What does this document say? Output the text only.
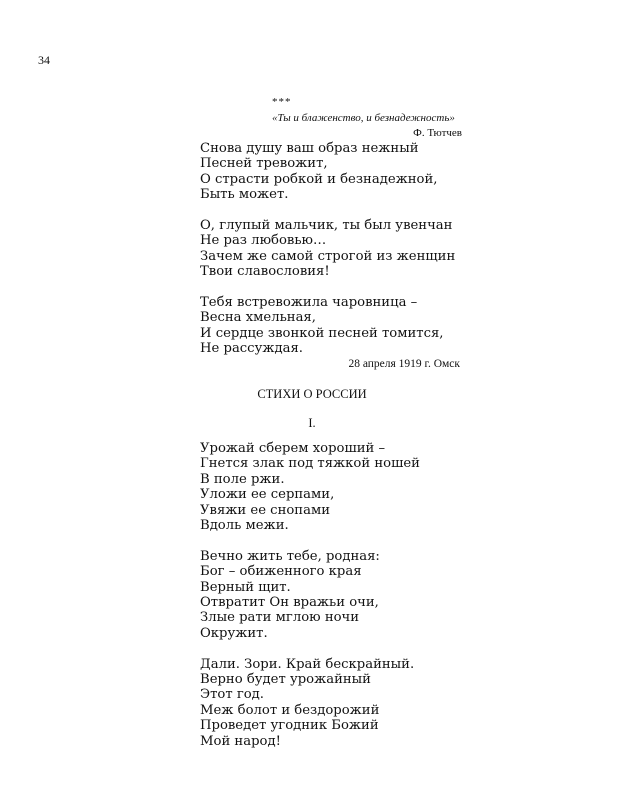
34
***
«Ты и блаженство, и безнадежность»
Ф. Тютчев
Снова душу ваш образ нежный
Песней тревожит,
О страсти робкой и безнадежной,
Быть может.
О, глупый мальчик, ты был увенчан
Не раз любовью…
Зачем же самой строгой из женщин
Твои славословия!
Тебя встревожила чаровница –
Весна хмельная,
И сердце звонкой песней томится,
Не рассуждая.
28 апреля 1919 г. Омск
СТИХИ О РОССИИ
I.
Урожай сберем хороший –
Гнется злак под тяжкой ношей
В поле ржи.
Уложи ее серпами,
Увяжи ее снопами
Вдоль межи.
Вечно жить тебе, родная:
Бог – обиженного края
Верный щит.
Отвратит Он вражьи очи,
Злые рати мглою ночи
Окружит.
Дали. Зори. Край бескрайный.
Верно будет урожайный
Этот год.
Меж болот и бездорожий
Проведет угодник Божий
Мой народ!
